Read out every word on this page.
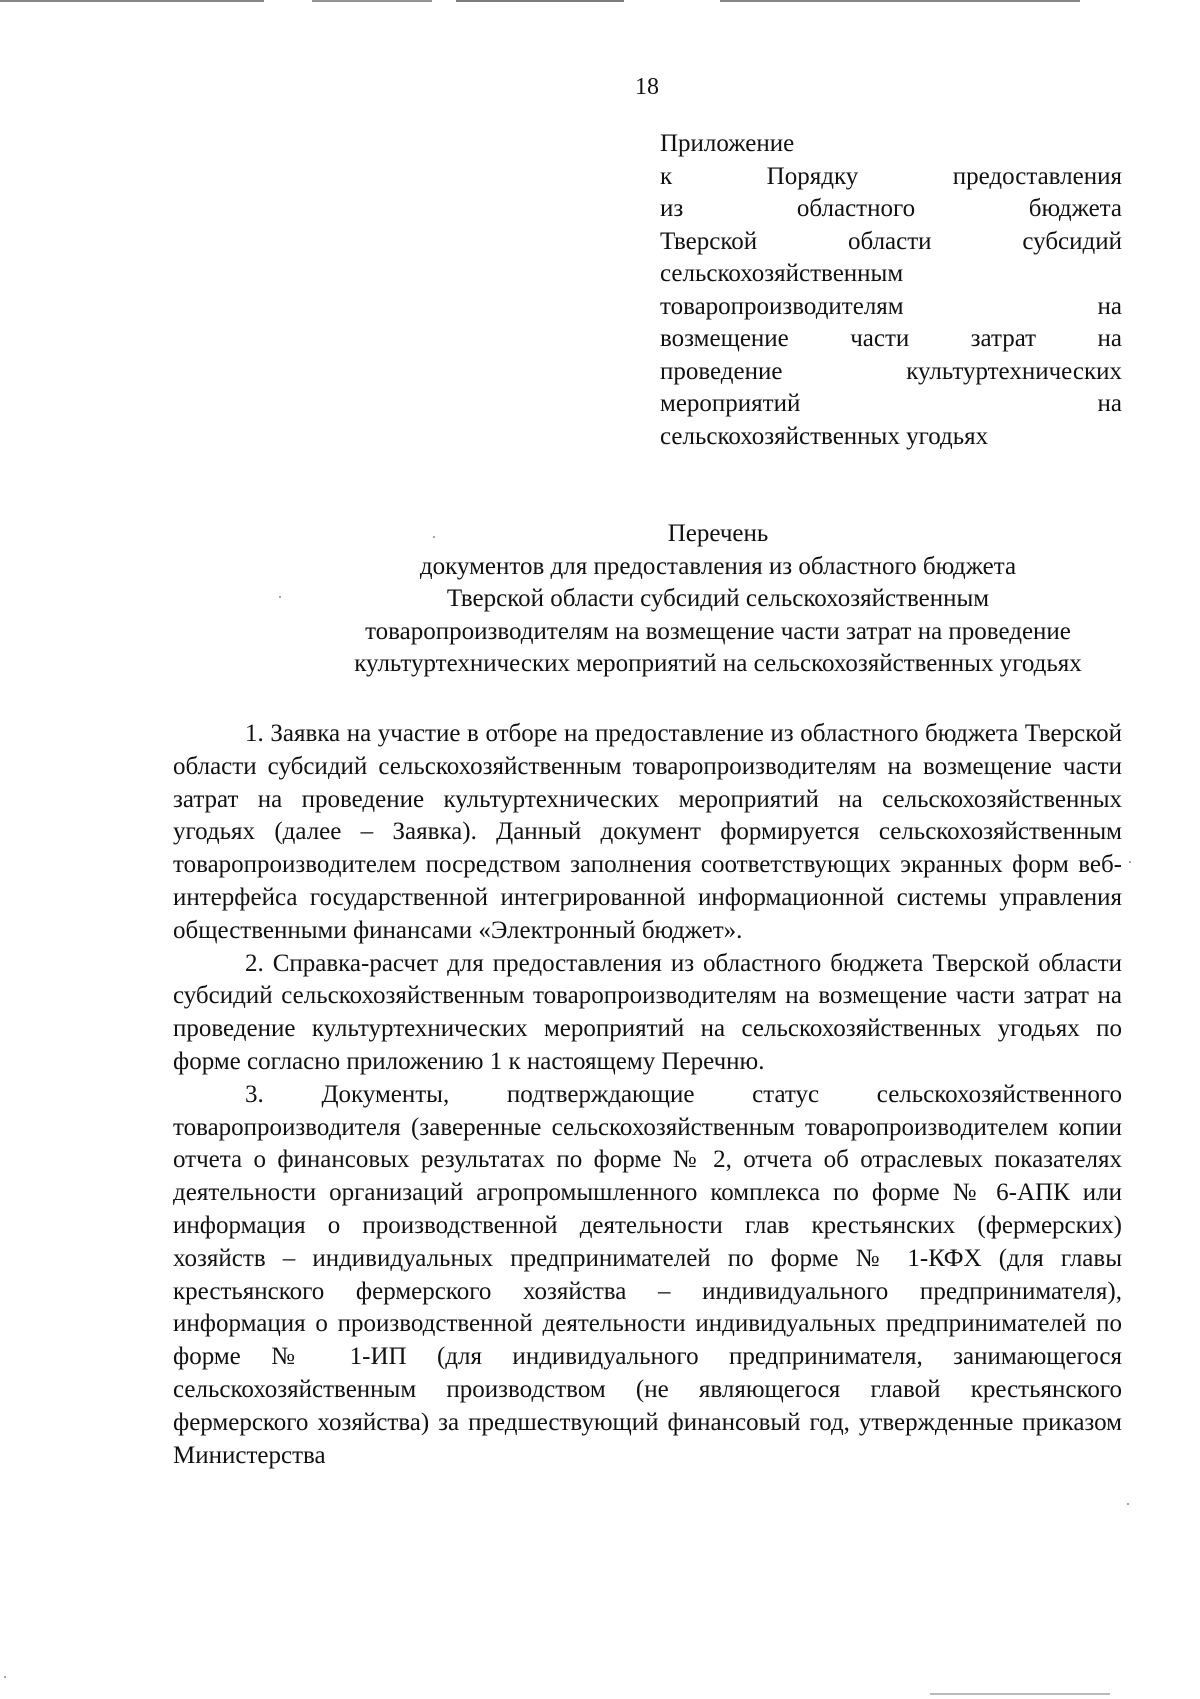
18
Приложение
к Порядку предоставления
из областного бюджета
Тверской области субсидий
сельскохозяйственным
товаропроизводителям на
возмещение части затрат на
проведение культуртехнических
мероприятий на
сельскохозяйственных угодьях
Перечень
документов для предоставления из областного бюджета
Тверской области субсидий сельскохозяйственным
товаропроизводителям на возмещение части затрат на проведение
культуртехнических мероприятий на сельскохозяйственных угодьях

1. Заявка на участие в отборе на предоставление из областного бюджета Тверской области субсидий сельскохозяйственным товаропроизводителям на возмещение части затрат на проведение культуртехнических мероприятий на сельскохозяйственных угодьях (далее – Заявка). Данный документ формируется сельскохозяйственным товаропроизводителем посредством заполнения соответствующих экранных форм веб-интерфейса государственной интегрированной информационной системы управления общественными финансами «Электронный бюджет».

2. Справка-расчет для предоставления из областного бюджета Тверской области субсидий сельскохозяйственным товаропроизводителям на возмещение части затрат на проведение культуртехнических мероприятий на сельскохозяйственных угодьях по форме согласно приложению 1 к настоящему Перечню.

3. Документы, подтверждающие статус сельскохозяйственного товаропроизводителя (заверенные сельскохозяйственным товаропроизводителем копии отчета о финансовых результатах по форме № 2, отчета об отраслевых показателях деятельности организаций агропромышленного комплекса по форме № 6-АПК или информация о производственной деятельности глав крестьянских (фермерских) хозяйств – индивидуальных предпринимателей по форме № 1-КФХ (для главы крестьянского фермерского хозяйства – индивидуального предпринимателя), информация о производственной деятельности индивидуальных предпринимателей по форме № 1-ИП (для индивидуального предпринимателя, занимающегося сельскохозяйственным производством (не являющегося главой крестьянского фермерского хозяйства) за предшествующий финансовый год, утвержденные приказом Министерства
